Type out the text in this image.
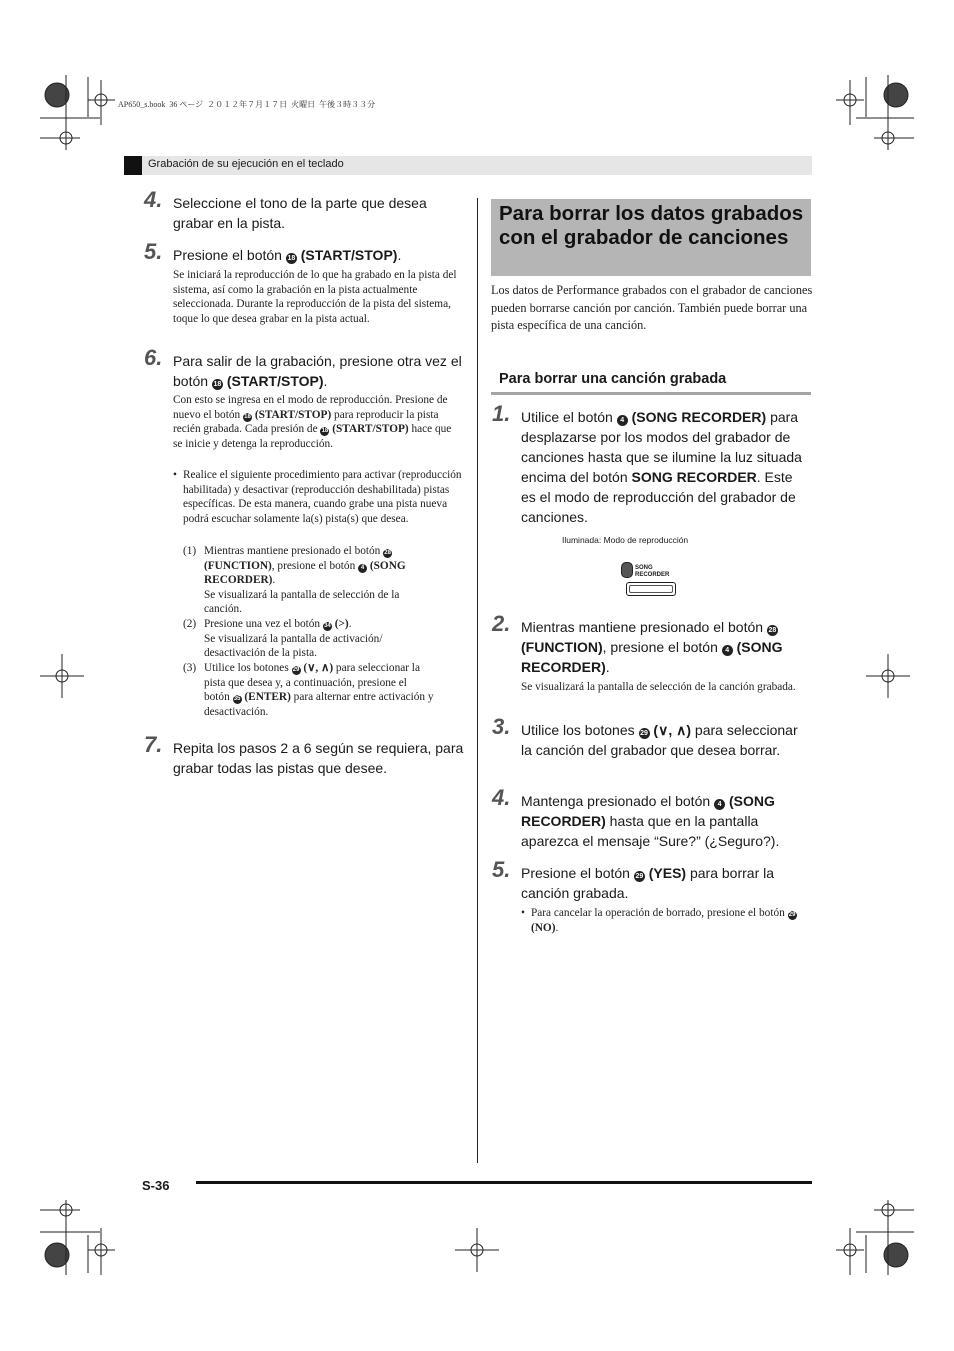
AP650_s.book  36 ページ  ２０１２年７月１７日  火曜日  午後３時３３分
Grabación de su ejecución en el teclado
4. Seleccione el tono de la parte que desea grabar en la pista.
5. Presione el botón 18 (START/STOP).
Se iniciará la reproducción de lo que ha grabado en la pista del sistema, así como la grabación en la pista actualmente seleccionada. Durante la reproducción de la pista del sistema, toque lo que desea grabar en la pista actual.
6. Para salir de la grabación, presione otra vez el botón 18 (START/STOP).
Con esto se ingresa en el modo de reproducción. Presione de nuevo el botón 18 (START/STOP) para reproducir la pista recién grabada. Cada presión de 18 (START/STOP) hace que se inicie y detenga la reproducción.
• Realice el siguiente procedimiento para activar (reproducción habilitada) y desactivar (reproducción deshabilitada) pistas específicas. De esta manera, cuando grabe una pista nueva podrá escuchar solamente la(s) pista(s) que desea.
(1) Mientras mantiene presionado el botón 28 (FUNCTION), presione el botón 4 (SONG RECORDER).
Se visualizará la pantalla de selección de la canción.
(2) Presione una vez el botón 34 (>).
Se visualizará la pantalla de activación/ desactivación de la pista.
(3) Utilice los botones 29 (∨, ∧) para seleccionar la pista que desea y, a continuación, presione el botón 35 (ENTER) para alternar entre activación y desactivación.
7. Repita los pasos 2 a 6 según se requiera, para grabar todas las pistas que desee.
Para borrar los datos grabados con el grabador de canciones
Los datos de Performance grabados con el grabador de canciones pueden borrarse canción por canción. También puede borrar una pista específica de una canción.
Para borrar una canción grabada
1. Utilice el botón 4 (SONG RECORDER) para desplazarse por los modos del grabador de canciones hasta que se ilumine la luz situada encima del botón SONG RECORDER. Este es el modo de reproducción del grabador de canciones.
Iluminada: Modo de reproducción
SONG
RECORDER
2. Mientras mantiene presionado el botón 28 (FUNCTION), presione el botón 4 (SONG RECORDER).
Se visualizará la pantalla de selección de la canción grabada.
3. Utilice los botones 29 (∨, ∧) para seleccionar la canción del grabador que desea borrar.
4. Mantenga presionado el botón 4 (SONG RECORDER) hasta que en la pantalla aparezca el mensaje “Sure?” (¿Seguro?).
5. Presione el botón 29 (YES) para borrar la canción grabada.
• Para cancelar la operación de borrado, presione el botón 29 (NO).
S-36
